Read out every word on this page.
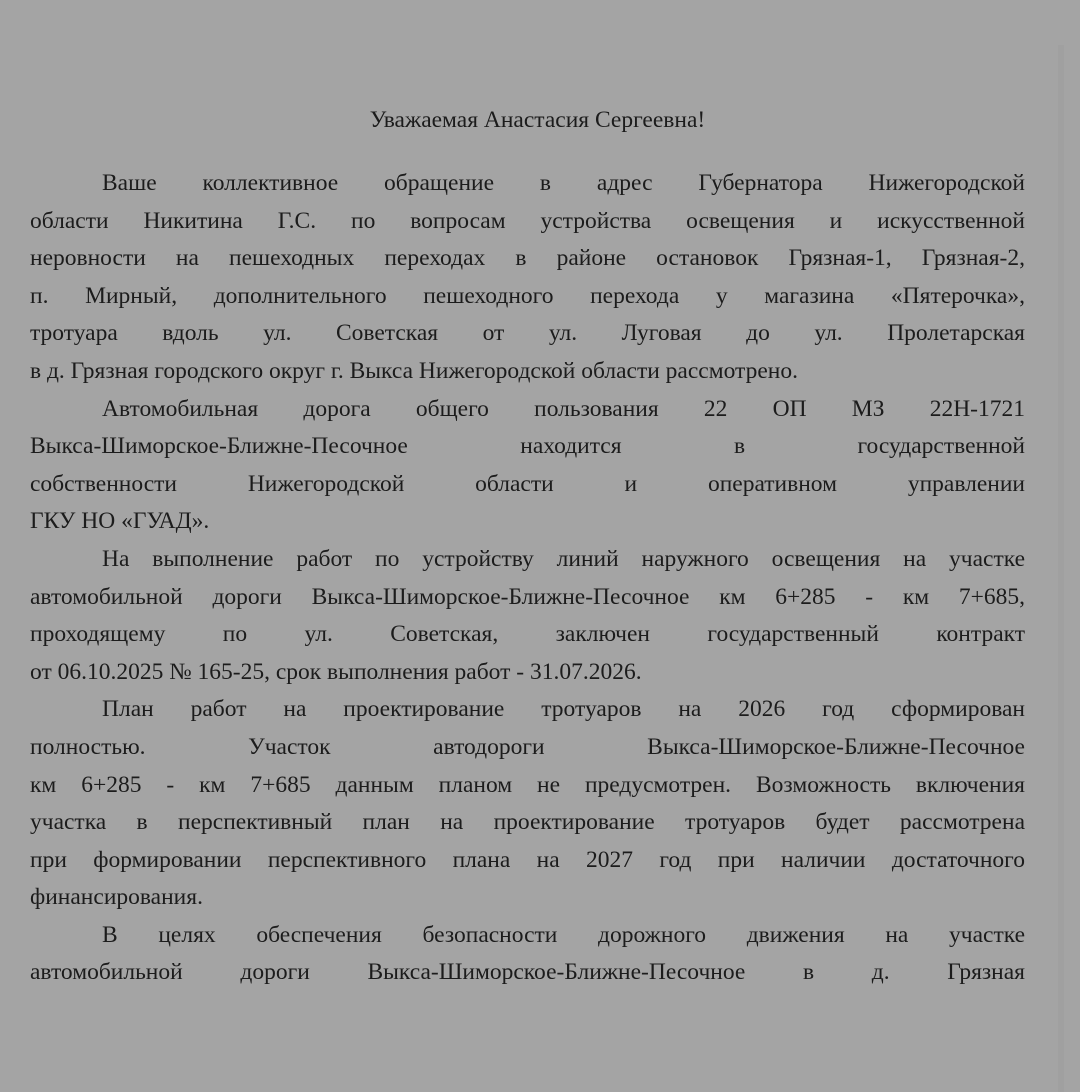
Уважаемая Анастасия Сергеевна!
Ваше коллективное обращение в адрес Губернатора Нижегородской
области Никитина Г.С. по вопросам устройства освещения и искусственной
неровности на пешеходных переходах в районе остановок Грязная-1, Грязная-2,
п. Мирный, дополнительного пешеходного перехода у магазина «Пятерочка»,
тротуара вдоль ул. Советская от ул. Луговая до ул. Пролетарская
в д. Грязная городского округ г. Выкса Нижегородской области рассмотрено.
Автомобильная дорога общего пользования 22 ОП МЗ 22Н-1721
Выкса-Шиморское-Ближне-Песочное находится в государственной
собственности Нижегородской области и оперативном управлении
ГКУ НО «ГУАД».
На выполнение работ по устройству линий наружного освещения на участке
автомобильной дороги Выкса-Шиморское-Ближне-Песочное км 6+285 - км 7+685,
проходящему по ул. Советская, заключен государственный контракт
от 06.10.2025 № 165-25, срок выполнения работ - 31.07.2026.
План работ на проектирование тротуаров на 2026 год сформирован
полностью. Участок автодороги Выкса-Шиморское-Ближне-Песочное
км 6+285 - км 7+685 данным планом не предусмотрен. Возможность включения
участка в перспективный план на проектирование тротуаров будет рассмотрена
при формировании перспективного плана на 2027 год при наличии достаточного
финансирования.
В целях обеспечения безопасности дорожного движения на участке
автомобильной дороги Выкса-Шиморское-Ближне-Песочное в д. Грязная
